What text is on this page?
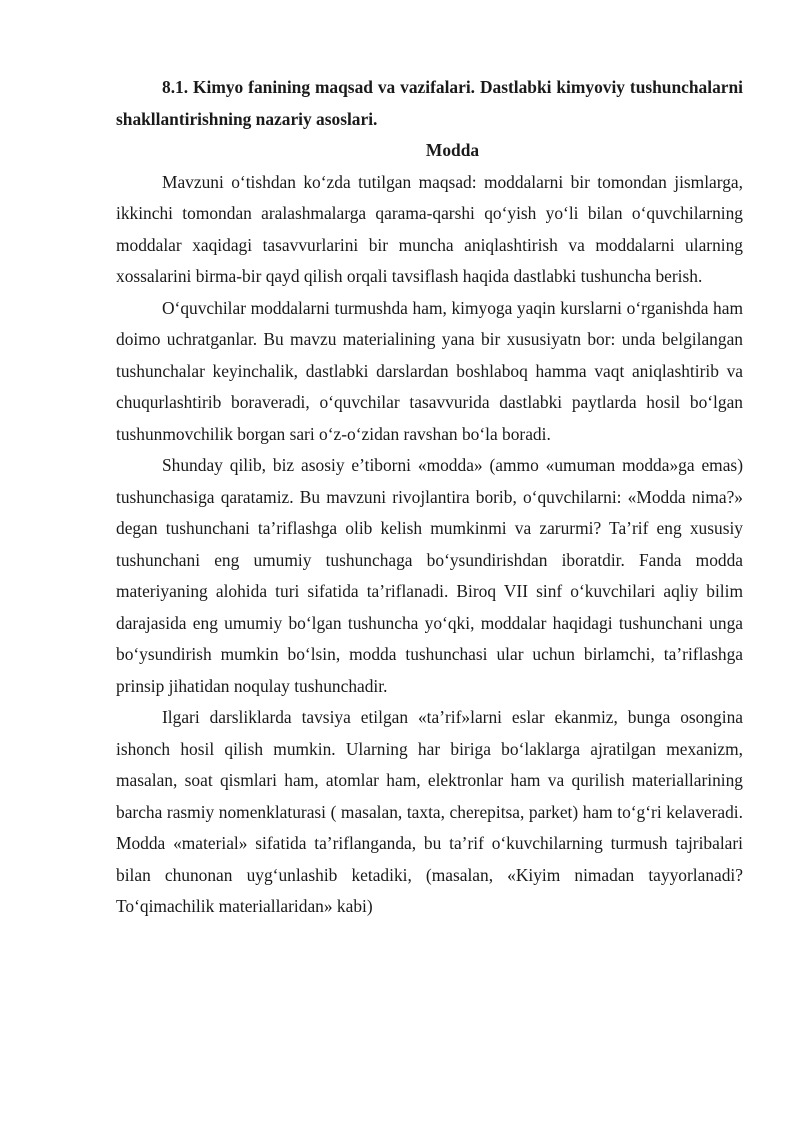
8.1. Kimyo fanining maqsad va vazifalari. Dastlabki kimyoviy tushunchalarni shakllantirishning nazariy asoslari.

Modda

Mavzuni o‘tishdan ko‘zda tutilgan maqsad: moddalarni bir tomondan jismlarga, ikkinchi tomondan aralashmalarga qarama-qarshi qo‘yish yo‘li bilan o‘quvchilarning moddalar xaqidagi tasavvurlarini bir muncha aniqlashtirish va moddalarni ularning xossalarini birma-bir qayd qilish orqali tavsiflash haqida dastlabki tushuncha berish.

O‘quvchilar moddalarni turmushda ham, kimyoga yaqin kurslarni o‘rganishda ham doimo uchratganlar. Bu mavzu materialining yana bir xususiyatn bor: unda belgilangan tushunchalar keyinchalik, dastlabki darslardan boshlaboq hamma vaqt aniqlashtirib va chuqurlashtirib boraveradi, o‘quvchilar tasavvurida dastlabki paytlarda hosil bo‘lgan tushunmovchilik borgan sari o‘z-o‘zidan ravshan bo‘la boradi.

Shunday qilib, biz asosiy e’tiborni «modda» (ammo «umuman modda»ga emas) tushunchasiga qaratamiz. Bu mavzuni rivojlantira borib, o‘quvchilarni: «Modda nima?» degan tushunchani ta’riflashga olib kelish mumkinmi va zarurmi? Ta’rif eng xususiy tushunchani eng umumiy tushunchaga bo‘ysundirishdan iboratdir. Fanda modda materiyaning alohida turi sifatida ta’riflanadi. Biroq VII sinf o‘kuvchilari aqliy bilim darajasida eng umumiy bo‘lgan tushuncha yo‘qki, moddalar haqidagi tushunchani unga bo‘ysundirish mumkin bo‘lsin, modda tushunchasi ular uchun birlamchi, ta’riflashga prinsip jihatidan noqulay tushunchadir.

Ilgari darsliklarda tavsiya etilgan «ta’rif»larni eslar ekanmiz, bunga osongina ishonch hosil qilish mumkin. Ularning har biriga bo‘laklarga ajratilgan mexanizm, masalan, soat qismlari ham, atomlar ham, elektronlar ham va qurilish materiallarining barcha rasmiy nomenklaturasi ( masalan, taxta, cherepitsa, parket) ham to‘g‘ri kelaveradi. Modda «material» sifatida ta’riflanganda, bu ta’rif o‘kuvchilarning turmush tajribalari bilan chunonan uyg‘unlashib ketadiki, (masalan, «Kiyim nimadan tayyorlanadi? To‘qimachilik materiallaridan» kabi)
